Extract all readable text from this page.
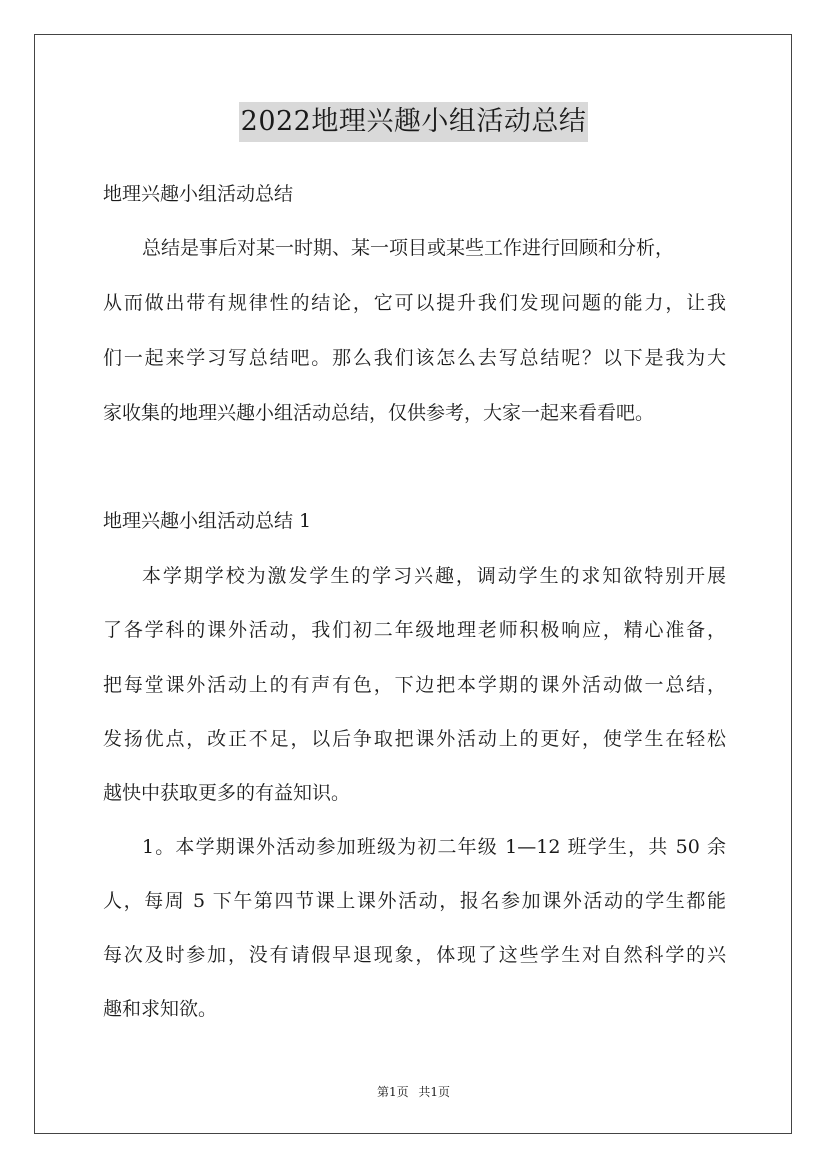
2022地理兴趣小组活动总结
地理兴趣小组活动总结
总结是事后对某一时期、某一项目或某些工作进行回顾和分析，
从而做出带有规律性的结论，它可以提升我们发现问题的能力，让我
们一起来学习写总结吧。那么我们该怎么去写总结呢？以下是我为大
家收集的地理兴趣小组活动总结，仅供参考，大家一起来看看吧。
地理兴趣小组活动总结 1
本学期学校为激发学生的学习兴趣，调动学生的求知欲特别开展
了各学科的课外活动，我们初二年级地理老师积极响应，精心准备，
把每堂课外活动上的有声有色，下边把本学期的课外活动做一总结，
发扬优点，改正不足，以后争取把课外活动上的更好，使学生在轻松
越快中获取更多的有益知识。
1。本学期课外活动参加班级为初二年级 1—12 班学生，共 50 余
人，每周 5 下午第四节课上课外活动，报名参加课外活动的学生都能
每次及时参加，没有请假早退现象，体现了这些学生对自然科学的兴
趣和求知欲。
第1页 共1页
